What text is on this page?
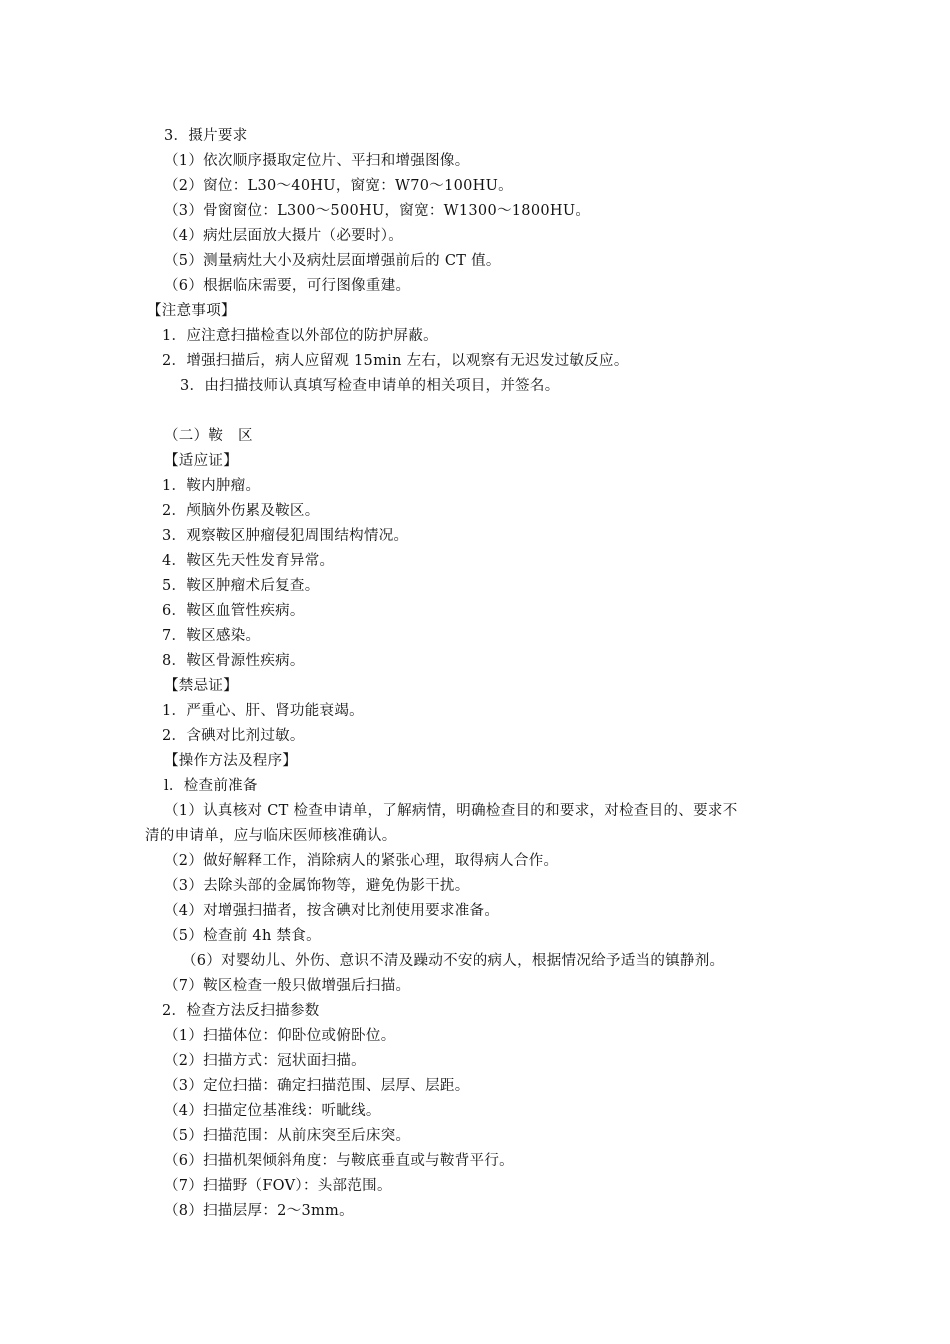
3．摄片要求
（1）依次顺序摄取定位片、平扫和增强图像。
（2）窗位：L30～40HU，窗宽：W70～100HU。
（3）骨窗窗位：L300～500HU，窗宽：W1300～1800HU。
（4）病灶层面放大摄片（必要时）。
（5）测量病灶大小及病灶层面增强前后的 CT 值。
（6）根据临床需要，可行图像重建。
【注意事项】
1．应注意扫描检查以外部位的防护屏蔽。
2．增强扫描后，病人应留观 15min 左右，以观察有无迟发过敏反应。
3．由扫描技师认真填写检查申请单的相关项目，并签名。
（二）鞍　区
【适应证】
1．鞍内肿瘤。
2．颅脑外伤累及鞍区。
3．观察鞍区肿瘤侵犯周围结构情况。
4．鞍区先天性发育异常。
5．鞍区肿瘤术后复查。
6．鞍区血管性疾病。
7．鞍区感染。
8．鞍区骨源性疾病。
【禁忌证】
1．严重心、肝、肾功能衰竭。
2．含碘对比剂过敏。
【操作方法及程序】
l．检查前准备
（1）认真核对 CT 检查申请单，了解病情，明确检查目的和要求，对检查目的、要求不
清的申请单，应与临床医师核准确认。
（2）做好解释工作，消除病人的紧张心理，取得病人合作。
（3）去除头部的金属饰物等，避免伪影干扰。
（4）对增强扫描者，按含碘对比剂使用要求准备。
（5）检查前 4h 禁食。
（6）对婴幼儿、外伤、意识不清及躁动不安的病人，根据情况给予适当的镇静剂。
（7）鞍区检查一般只做增强后扫描。
2．检查方法反扫描参数
（1）扫描体位：仰卧位或俯卧位。
（2）扫描方式：冠状面扫描。
（3）定位扫描：确定扫描范围、层厚、层距。
（4）扫描定位基准线：听眦线。
（5）扫描范围：从前床突至后床突。
（6）扫描机架倾斜角度：与鞍底垂直或与鞍背平行。
（7）扫描野（FOV）：头部范围。
（8）扫描层厚：2～3mm。
